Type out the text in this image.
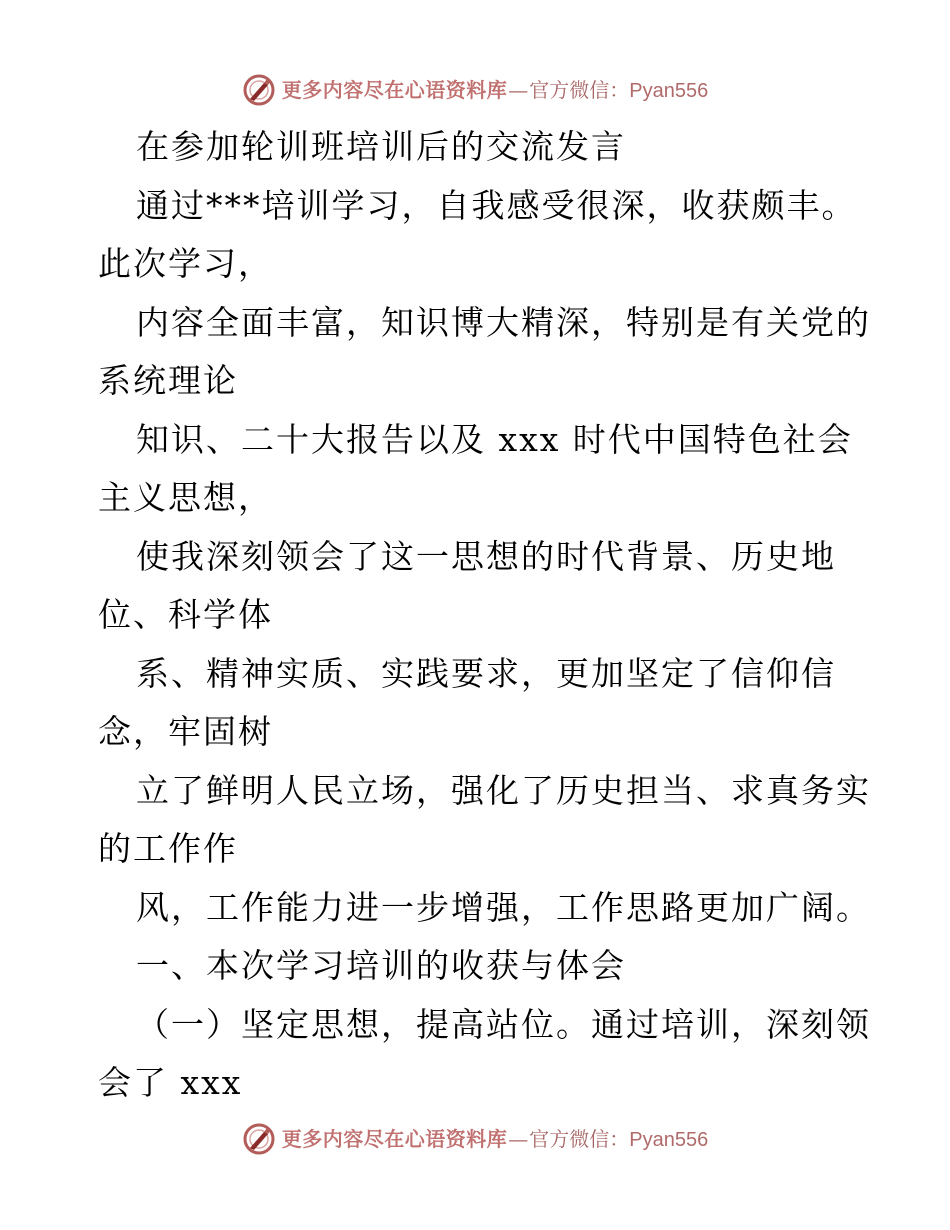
更多内容尽在心语资料库 — 官方微信： Pyan556
在参加轮训班培训后的交流发言
通过***培训学习，自我感受很深，收获颇丰。
此次学习，
内容全面丰富，知识博大精深，特别是有关党的
系统理论
知识、二十大报告以及 xxx 时代中国特色社会
主义思想，
使我深刻领会了这一思想的时代背景、历史地
位、科学体
系、精神实质、实践要求，更加坚定了信仰信
念，牢固树
立了鲜明人民立场，强化了历史担当、求真务实
的工作作
风，工作能力进一步增强，工作思路更加广阔。
一、本次学习培训的收获与体会
（一）坚定思想，提高站位。通过培训，深刻领
会了 xxx
更多内容尽在心语资料库 — 官方微信： Pyan556
